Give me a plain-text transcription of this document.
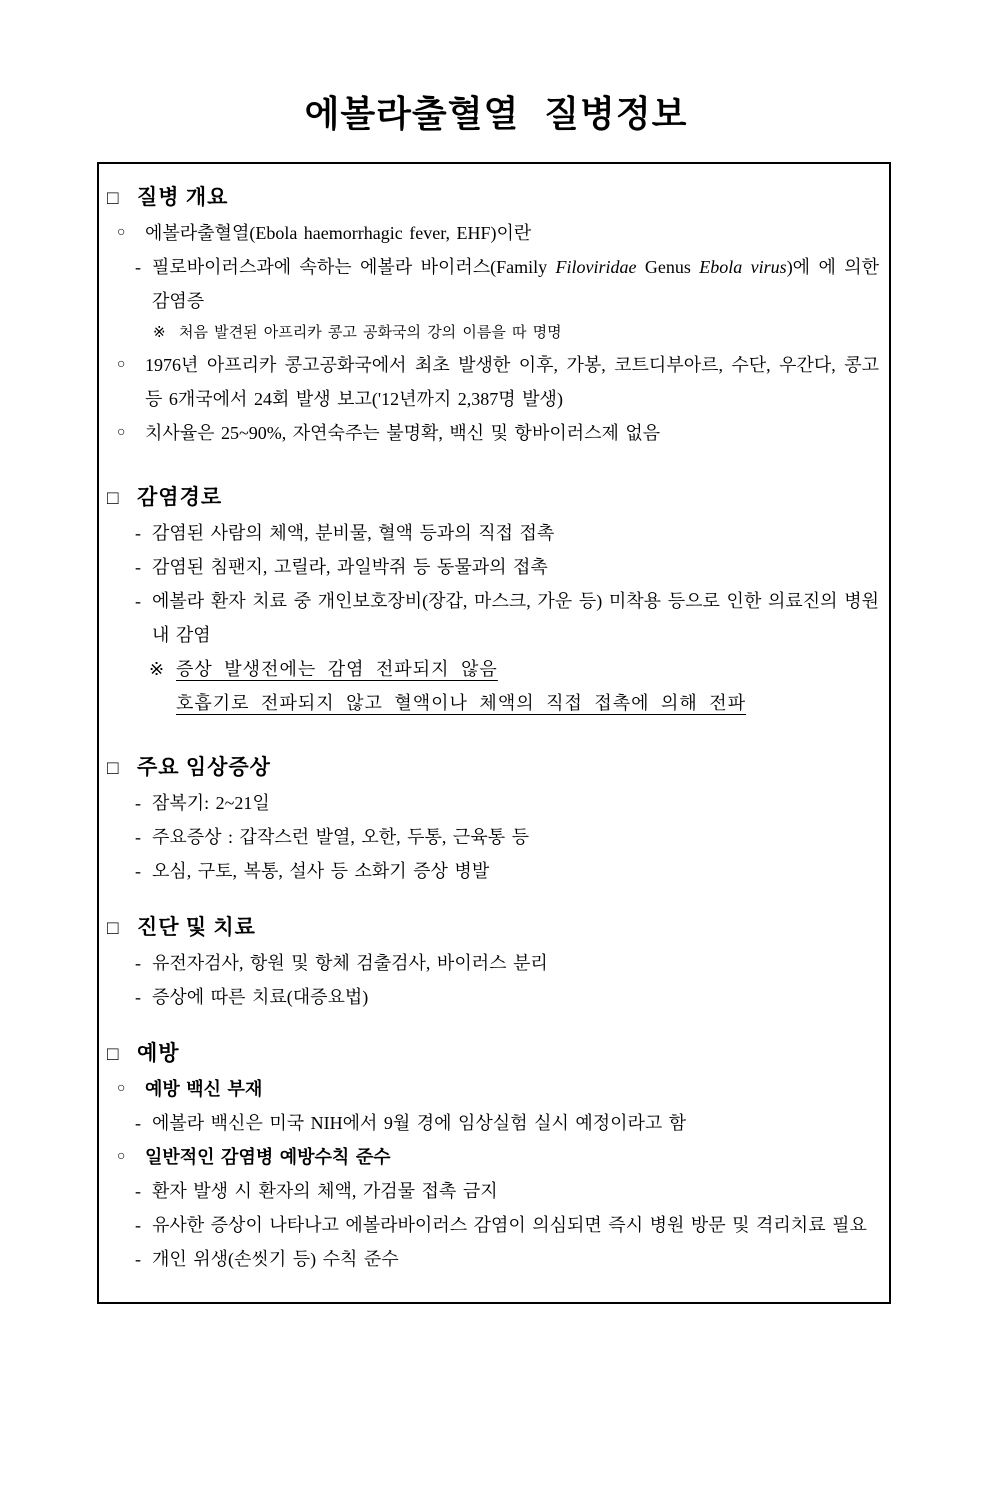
에볼라출혈열 질병정보
□ 질병 개요
○	에볼라출혈열(Ebola haemorrhagic fever, EHF)이란
- 필로바이러스과에 속하는 에볼라 바이러스(Family Filoviridae Genus Ebola virus)에 에 의한 감염증
※ 처음 발견된 아프리카 콩고 공화국의 강의 이름을 따 명명
○	1976년 아프리카 콩고공화국에서 최초 발생한 이후, 가봉, 코트디부아르, 수단, 우간다, 콩고 등 6개국에서 24회 발생 보고('12년까지 2,387명 발생)
○	치사율은 25~90%, 자연숙주는 불명확, 백신 및 항바이러스제 없음
□ 감염경로
- 감염된 사람의 체액, 분비물, 혈액 등과의 직접 접촉
- 감염된 침팬지, 고릴라, 과일박쥐 등 동물과의 접촉
- 에볼라 환자 치료 중 개인보호장비(장갑, 마스크, 가운 등) 미착용 등으로 인한 의료진의 병원내 감염
※ 증상 발생전에는 감염 전파되지 않음
호흡기로 전파되지 않고 혈액이나 체액의 직접 접촉에 의해 전파
□ 주요 임상증상
- 잠복기: 2~21일
- 주요증상 : 갑작스런 발열, 오한, 두통, 근육통 등
- 오심, 구토, 복통, 설사 등 소화기 증상 병발
□ 진단 및 치료
- 유전자검사, 항원 및 항체 검출검사, 바이러스 분리
- 증상에 따른 치료(대증요법)
□ 예방
○	예방 백신 부재
- 에볼라 백신은 미국 NIH에서 9월 경에 임상실험 실시 예정이라고 함
○	일반적인 감염병 예방수칙 준수
- 환자 발생 시 환자의 체액, 가검물 접촉 금지
- 유사한 증상이 나타나고 에볼라바이러스 감염이 의심되면 즉시 병원 방문 및 격리치료 필요
- 개인 위생(손씻기 등) 수칙 준수
